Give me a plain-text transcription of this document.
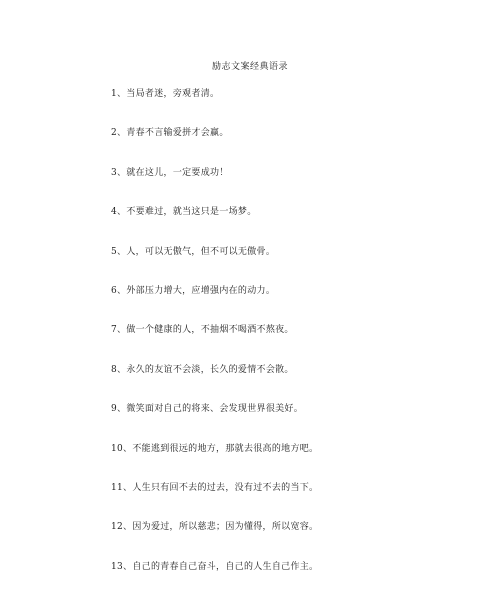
励志文案经典语录
1、当局者迷，旁观者清。
2、青春不言输爱拼才会赢。
3、就在这儿，一定要成功！
4、不要难过，就当这只是一场梦。
5、人，可以无傲气，但不可以无傲骨。
6、外部压力增大，应增强内在的动力。
7、做一个健康的人，不抽烟不喝酒不熬夜。
8、永久的友谊不会淡，长久的爱情不会散。
9、微笑面对自己的将来、会发现世界很美好。
10、不能逃到很远的地方，那就去很高的地方吧。
11、人生只有回不去的过去，没有过不去的当下。
12、因为爱过，所以慈悲；因为懂得，所以宽容。
13、自己的青春自己奋斗，自己的人生自己作主。
